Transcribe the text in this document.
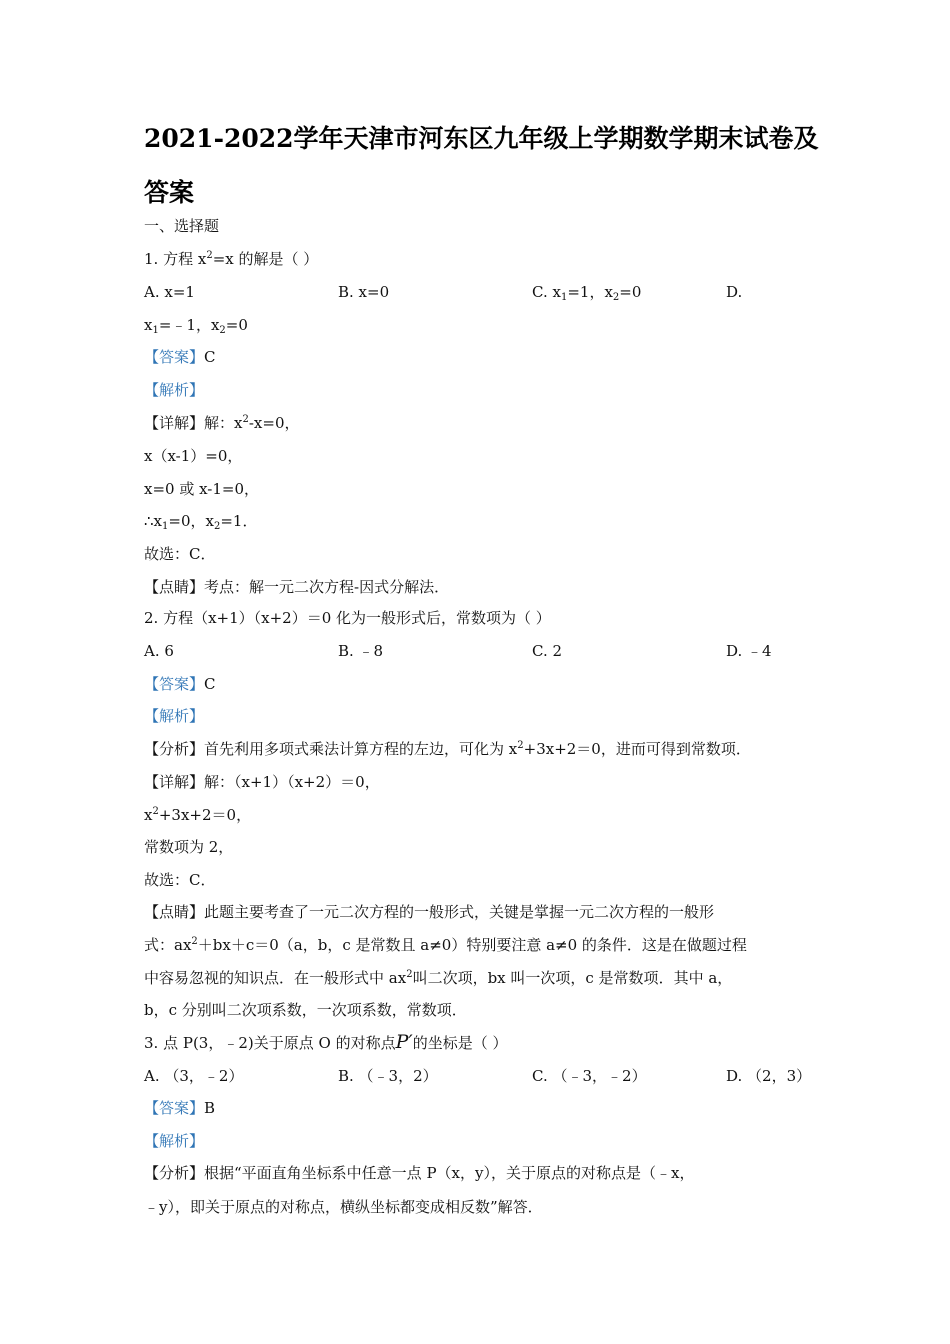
2021-2022学年天津市河东区九年级上学期数学期末试卷及
答案
一、选择题
1. 方程 $x^2=x$ 的解是（ ）
A. x=1	B. x=0	C. $x_1=1$，$x_2=0$	D.
$x_1=﹣1$，$x_2=0$
【答案】C
【解析】
【详解】解：$x^2-x=0$，
x（x-1）=0，
x=0 或 x-1=0，
$\therefore x_1=0$，$x_2=1$．
故选：C．
【点睛】考点：解一元二次方程-因式分解法．
2. 方程（x+1）（x+2）＝0 化为一般形式后，常数项为（ ）
A. 6	B. ﹣8	C. 2	D. ﹣4
【答案】C
【解析】
【分析】首先利用多项式乘法计算方程的左边，可化为 $x^2+3x+2=0$，进而可得到常数项．
【详解】解：（x+1）（x+2）＝0，
$x^2+3x+2=0$，
常数项为 2，
故选：C．
【点睛】此题主要考查了一元二次方程的一般形式，关键是掌握一元二次方程的一般形
式：$ax^2+bx+c=0(a$，b，c 是常数且 a≠0）特别要注意 a≠0 的条件．这是在做题过程
中容易忽视的知识点．在一般形式中 $ax^2$叫二次项，bx 叫一次项，c 是常数项．其中 a，
b，c 分别叫二次项系数，一次项系数，常数项．
3. 点 P(3，﹣2)关于原点 O 的对称点P′的坐标是（ ）
A. （3，﹣2）	B. （﹣3，2）	C. （﹣3，﹣2）	D. （2，3）
【答案】B
【解析】
【分析】根据“平面直角坐标系中任意一点 P（x，y），关于原点的对称点是（﹣x，
﹣y），即关于原点的对称点，横纵坐标都变成相反数”解答．
